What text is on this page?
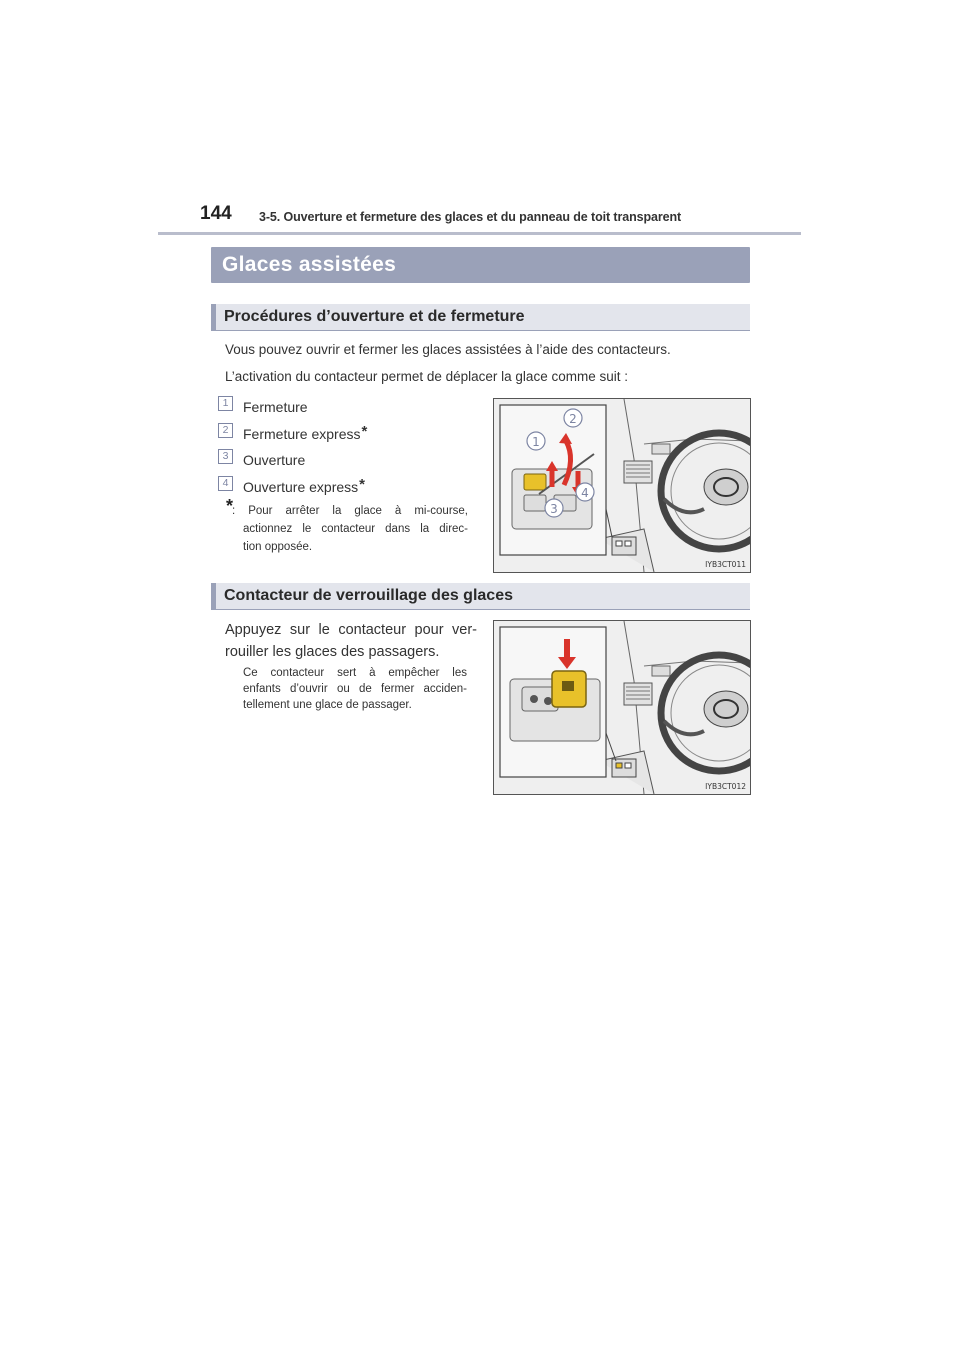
144 3-5. Ouverture et fermeture des glaces et du panneau de toit transparent
Glaces assistées
Procédures d’ouverture et de fermeture
Vous pouvez ouvrir et fermer les glaces assistées à l’aide des contacteurs.
L’activation du contacteur permet de déplacer la glace comme suit :
1	Fermeture
2	Fermeture express*
3	Ouverture
4	Ouverture express*
*
: Pour arrêter la glace à mi-course,
actionnez le contacteur dans la direc-
tion opposée.
1
2
3
4
IYB3CT011
Contacteur de verrouillage des glaces
Appuyez sur le contacteur pour ver-
rouiller les glaces des passagers.
Ce contacteur sert à empêcher les
enfants d’ouvrir ou de fermer acciden-
tellement une glace de passager.
IYB3CT012
